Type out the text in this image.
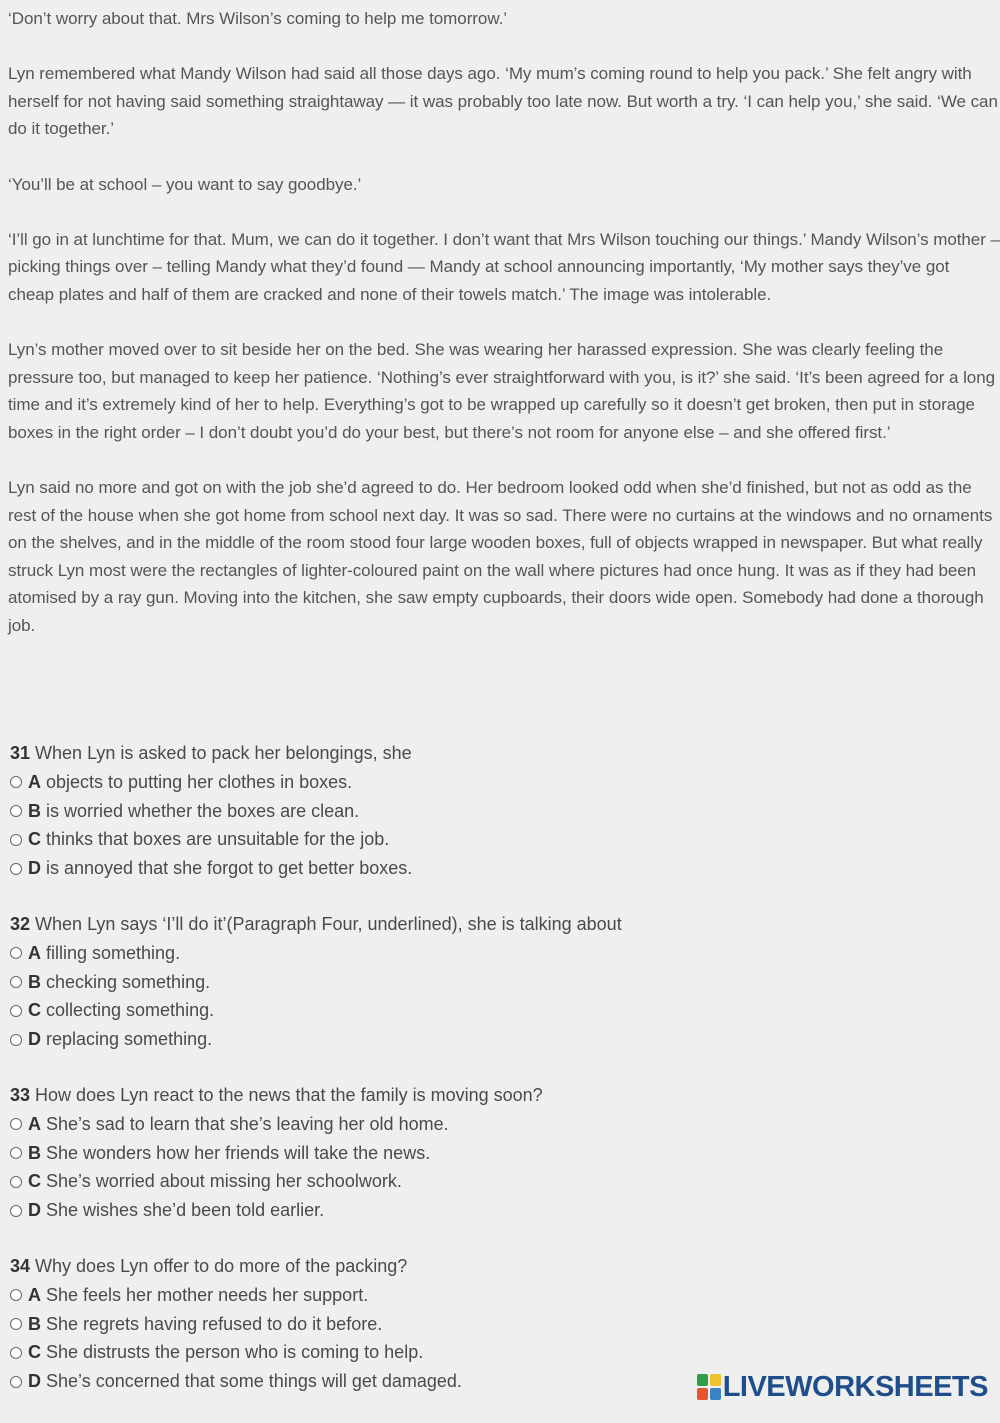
‘Don’t worry about that. Mrs Wilson’s coming to help me tomorrow.’

Lyn remembered what Mandy Wilson had said all those days ago. ‘My mum’s coming round to help you pack.’ She felt angry with herself for not having said something straightaway — it was probably too late now. But worth a try. ‘I can help you,’ she said. ‘We can do it together.’

‘You’ll be at school – you want to say goodbye.’

‘I’ll go in at lunchtime for that. Mum, we can do it together. I don’t want that Mrs Wilson touching our things.’ Mandy Wilson’s mother – picking things over – telling Mandy what they’d found — Mandy at school announcing importantly, ‘My mother says they’ve got cheap plates and half of them are cracked and none of their towels match.’ The image was intolerable.

Lyn’s mother moved over to sit beside her on the bed. She was wearing her harassed expression. She was clearly feeling the pressure too, but managed to keep her patience. ‘Nothing’s ever straightforward with you, is it?’ she said. ‘It’s been agreed for a long time and it’s extremely kind of her to help. Everything’s got to be wrapped up carefully so it doesn’t get broken, then put in storage boxes in the right order – I don’t doubt you’d do your best, but there’s not room for anyone else – and she offered first.’

Lyn said no more and got on with the job she’d agreed to do. Her bedroom looked odd when she’d finished, but not as odd as the rest of the house when she got home from school next day. It was so sad. There were no curtains at the windows and no ornaments on the shelves, and in the middle of the room stood four large wooden boxes, full of objects wrapped in newspaper. But what really struck Lyn most were the rectangles of lighter-coloured paint on the wall where pictures had once hung. It was as if they had been atomised by a ray gun. Moving into the kitchen, she saw empty cupboards, their doors wide open. Somebody had done a thorough job.

31 When Lyn is asked to pack her belongings, she
A objects to putting her clothes in boxes.
B is worried whether the boxes are clean.
C thinks that boxes are unsuitable for the job.
D is annoyed that she forgot to get better boxes.
32 When Lyn says ‘I’ll do it’(Paragraph Four, underlined), she is talking about
A filling something.
B checking something.
C collecting something.
D replacing something.
33 How does Lyn react to the news that the family is moving soon?
A She’s sad to learn that she’s leaving her old home.
B She wonders how her friends will take the news.
C She’s worried about missing her schoolwork.
D She wishes she’d been told earlier.
34 Why does Lyn offer to do more of the packing?
A She feels her mother needs her support.
B She regrets having refused to do it before.
C She distrusts the person who is coming to help.
D She’s concerned that some things will get damaged.	LIVEWORKSHEETS
